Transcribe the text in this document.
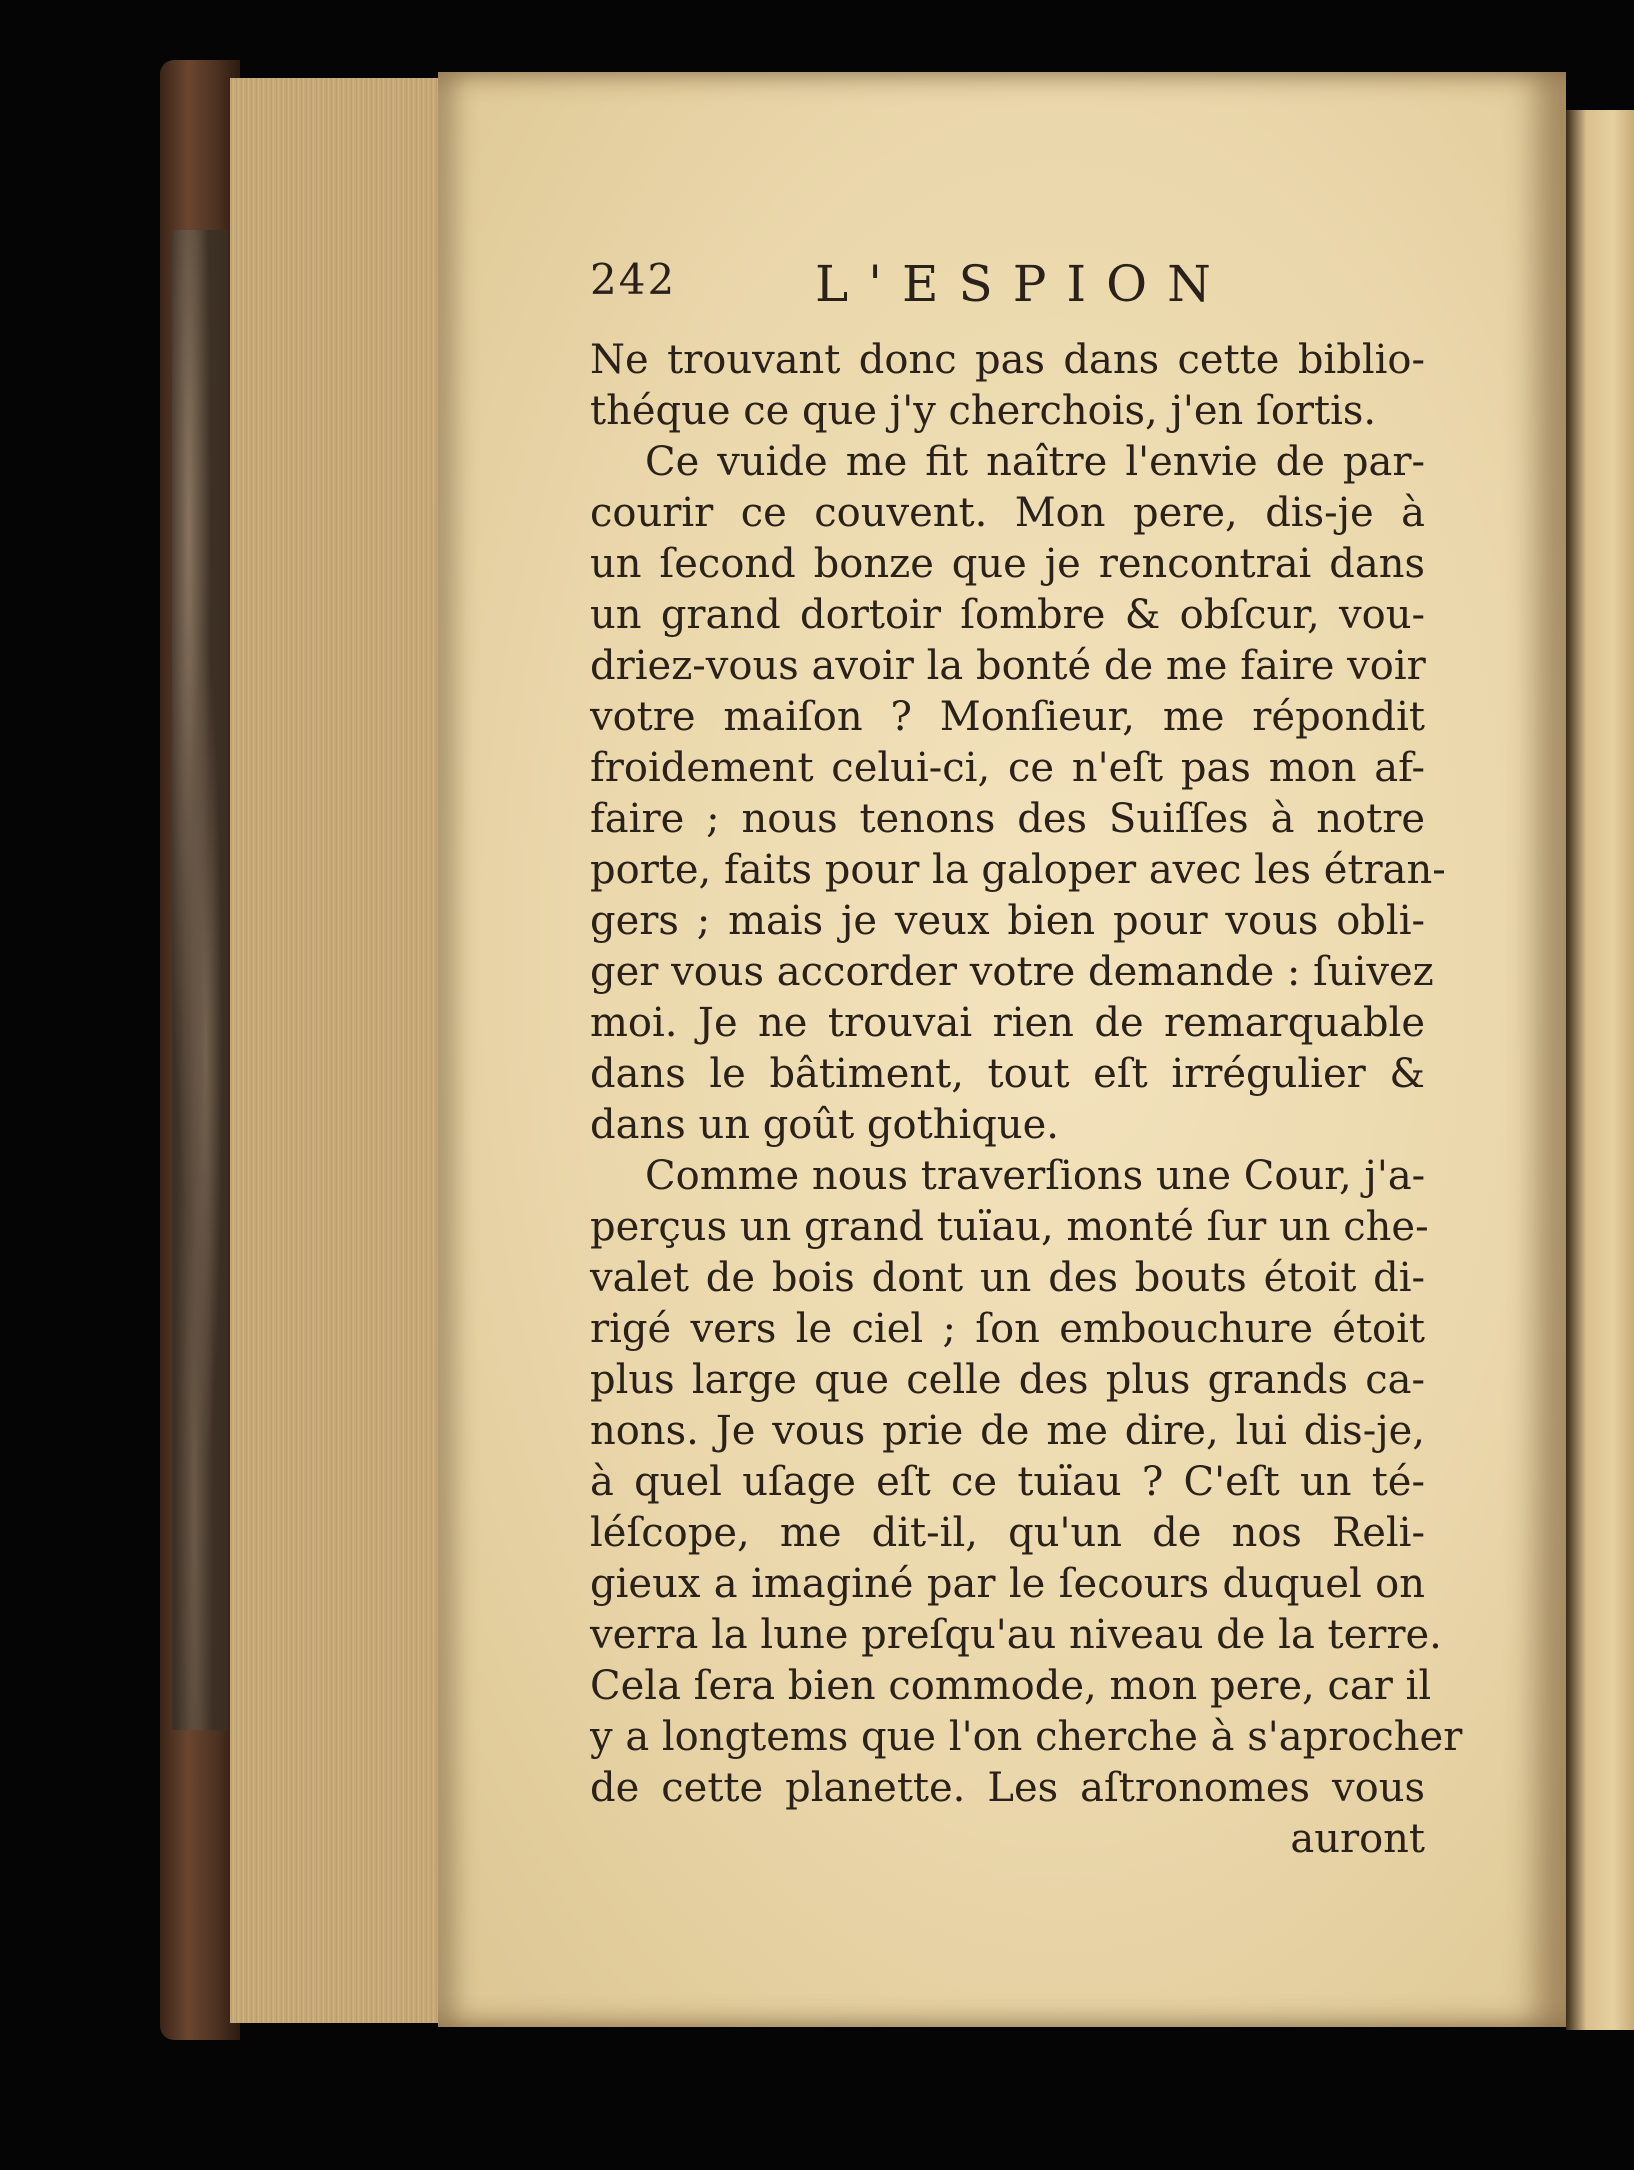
242	L'ESPION
Ne trouvant donc pas dans cette biblio-
théque ce que j'y cherchois, j'en ſortis.
Ce vuide me fit naître l'envie de par-
courir ce couvent. Mon pere, dis-je à
un ſecond bonze que je rencontrai dans
un grand dortoir ſombre & obſcur, vou-
driez-vous avoir la bonté de me faire voir
votre maiſon ? Monſieur, me répondit
froidement celui-ci, ce n'eſt pas mon af-
faire ; nous tenons des Suiſſes à notre
porte, faits pour la galoper avec les étran-
gers ; mais je veux bien pour vous obli-
ger vous accorder votre demande : ſuivez
moi. Je ne trouvai rien de remarquable
dans le bâtiment, tout eſt irrégulier &
dans un goût gothique.
Comme nous traverſions une Cour, j'a-
perçus un grand tuïau, monté ſur un che-
valet de bois dont un des bouts étoit di-
rigé vers le ciel ; ſon embouchure étoit
plus large que celle des plus grands ca-
nons. Je vous prie de me dire, lui dis-je,
à quel uſage eſt ce tuïau ? C'eſt un té-
léſcope, me dit-il, qu'un de nos Reli-
gieux a imaginé par le ſecours duquel on
verra la lune preſqu'au niveau de la terre.
Cela ſera bien commode, mon pere, car il
y a longtems que l'on cherche à s'aprocher
de cette planette. Les aſtronomes vous
auront
